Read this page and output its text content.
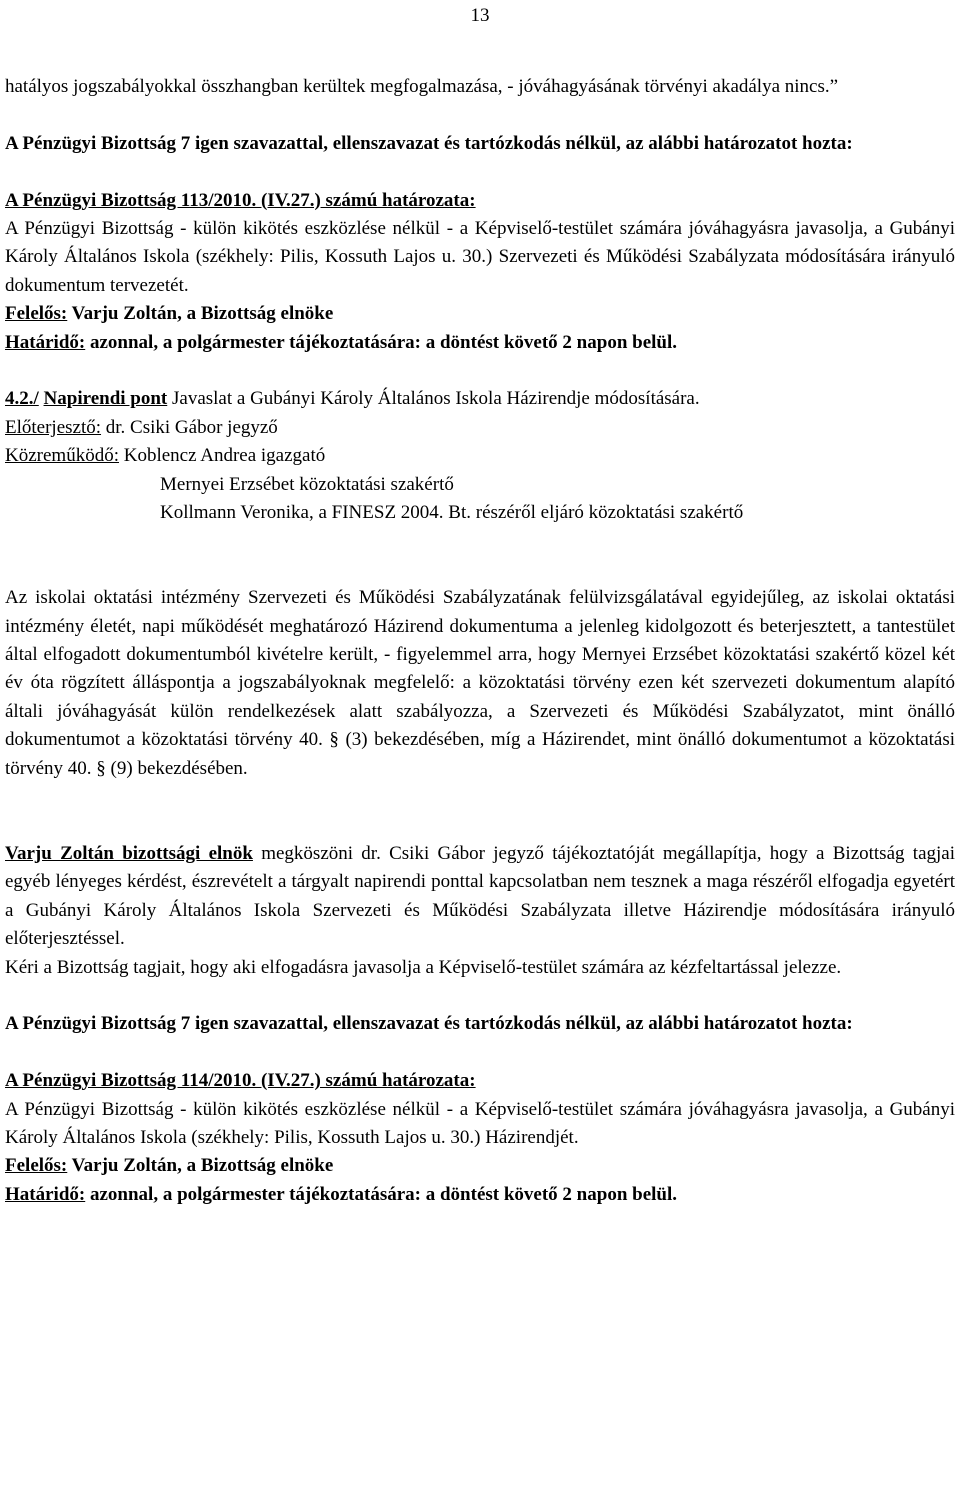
13

hatályos jogszabályokkal összhangban kerültek megfogalmazása, - jóváhagyásának törvényi akadálya nincs.”

A Pénzügyi Bizottság 7 igen szavazattal, ellenszavazat és tartózkodás nélkül, az alábbi határozatot hozta:

A Pénzügyi Bizottság 113/2010. (IV.27.) számú határozata:

A Pénzügyi Bizottság - külön kikötés eszközlése nélkül - a Képviselő-testület számára jóváhagyásra javasolja, a Gubányi Károly Általános Iskola (székhely: Pilis, Kossuth Lajos u. 30.) Szervezeti és Működési Szabályzata módosítására irányuló dokumentum tervezetét.

Felelős: Varju Zoltán, a Bizottság elnöke

Határidő: azonnal, a polgármester tájékoztatására: a döntést követő 2 napon belül.

4.2./ Napirendi pont Javaslat a Gubányi Károly Általános Iskola Házirendje módosítására.

Előterjesztő: dr. Csiki Gábor jegyző

Közreműködő: Koblencz Andrea igazgató

Mernyei Erzsébet közoktatási szakértő

Kollmann Veronika, a FINESZ 2004. Bt. részéről eljáró közoktatási szakértő

Az iskolai oktatási intézmény Szervezeti és Működési Szabályzatának felülvizsgálatával egyidejűleg, az iskolai oktatási intézmény életét, napi működését meghatározó Házirend dokumentuma a jelenleg kidolgozott és beterjesztett, a tantestület által elfogadott dokumentumból kivételre került, - figyelemmel arra, hogy Mernyei Erzsébet közoktatási szakértő közel két év óta rögzített álláspontja a jogszabályoknak megfelelő: a közoktatási törvény ezen két szervezeti dokumentum alapító általi jóváhagyását külön rendelkezések alatt szabályozza, a Szervezeti és Működési Szabályzatot, mint önálló dokumentumot a közoktatási törvény 40. § (3) bekezdésében, míg a Házirendet, mint önálló dokumentumot a közoktatási törvény 40. § (9) bekezdésében.

Varju Zoltán bizottsági elnök megköszöni dr. Csiki Gábor jegyző tájékoztatóját megállapítja, hogy a Bizottság tagjai egyéb lényeges kérdést, észrevételt a tárgyalt napirendi ponttal kapcsolatban nem tesznek a maga részéről elfogadja egyetért a Gubányi Károly Általános Iskola Szervezeti és Működési Szabályzata illetve Házirendje módosítására irányuló előterjesztéssel.

Kéri a Bizottság tagjait, hogy aki elfogadásra javasolja a Képviselő-testület számára az kézfeltartással jelezze.

A Pénzügyi Bizottság 7 igen szavazattal, ellenszavazat és tartózkodás nélkül, az alábbi határozatot hozta:

A Pénzügyi Bizottság 114/2010. (IV.27.) számú határozata:

A Pénzügyi Bizottság - külön kikötés eszközlése nélkül - a Képviselő-testület számára jóváhagyásra javasolja, a Gubányi Károly Általános Iskola (székhely: Pilis, Kossuth Lajos u. 30.) Házirendjét.

Felelős: Varju Zoltán, a Bizottság elnöke

Határidő: azonnal, a polgármester tájékoztatására: a döntést követő 2 napon belül.
